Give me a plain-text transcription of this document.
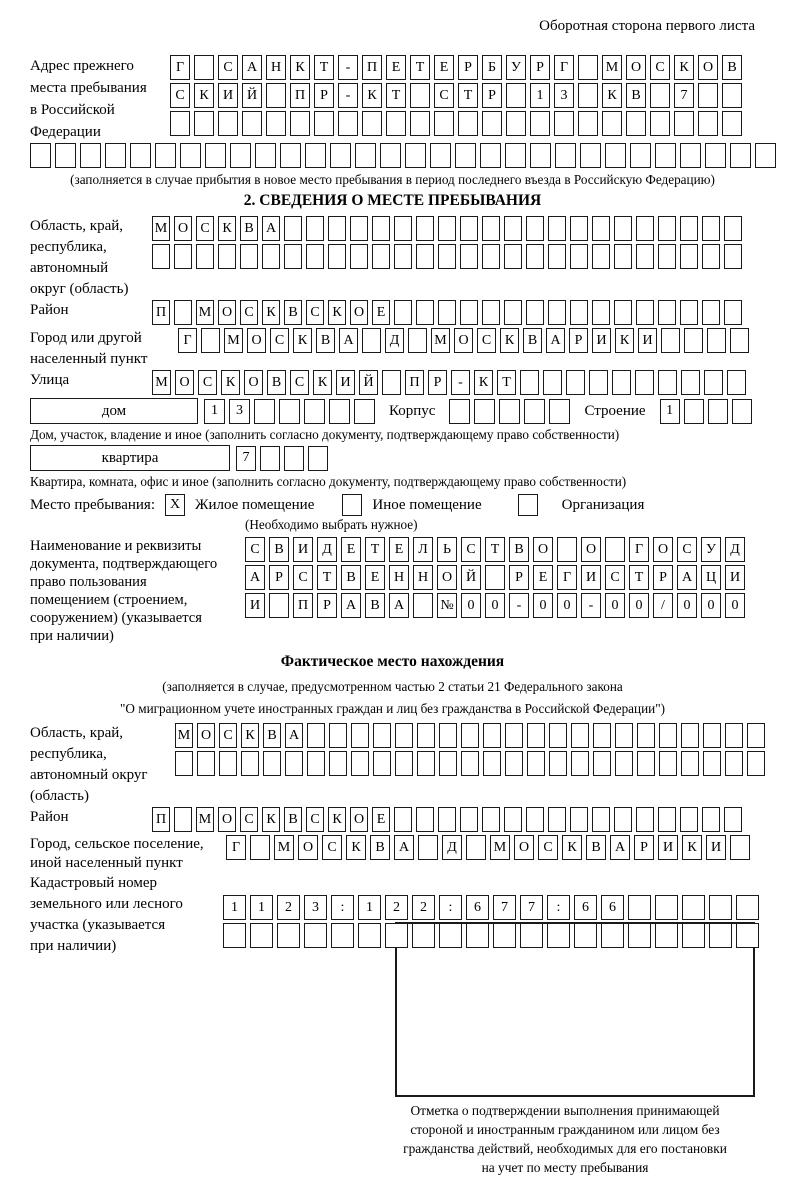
Оборотная сторона первого листа
Адрес прежнего
места пребывания
в Российской
Федерации
Г	С	А Н	К	Т	-	П	Е	Т	Е	Р	Б	У	Р	Г	М О	С	К	О	В
С	К	И Й	П	Р	-	К	Т	С	Т	Р	1	3	К	В	7
(заполняется в случае прибытия в новое место пребывания в период последнего въезда в Российскую Федерацию)
2. СВЕДЕНИЯ О МЕСТЕ ПРЕБЫВАНИЯ
Область, край,
республика,
автономный
округ (область)
М О С К В А
Район	П М О С К В С К О Е
Город или другой
населенный пункт
Г	М О С К В А	Д	М О С К В А	Р	И К И
Улица	М О С К О В С К И Й	П	Р	-	К	Т
дом	1	3	Корпус	Строение	1
Дом, участок, владение и иное (заполнить согласно документу, подтверждающему право собственности)
квартира	7
Квартира, комната, офис и иное (заполнить согласно документу, подтверждающему право собственности)
Место пребывания:	X Жилое помещение	Иное помещение	Организация
(Необходимо выбрать нужное)
Наименование и реквизиты
документа, подтверждающего
право пользования
помещением (строением,
сооружением) (указывается
при наличии)
С	В	И	Д	Е	Т	Е	Л	Ь	С	Т	В	О	О	Г	О	С	У	Д
А	Р	С	Т	В	Е	Н Н О Й	Р	Е	Г	И	С	Т	Р	А Ц И
И	П	Р	А	В	А	№ 0	0	-	0	0	-	0	0	/	0	0	0
Фактическое место нахождения
(заполняется в случае, предусмотренном частью 2 статьи 21 Федерального закона
"О миграционном учете иностранных граждан и лиц без гражданства в Российской Федерации")
Область, край,
республика,
автономный округ
(область)
М О С К В А
Район	П М О С К В С К О Е
Город, сельское поселение,
иной населенный пункт
Г	М О	С	К	В	А	Д	М О	С	К	В	А	Р	И	К	И
Кадастровый номер
земельного или лесного
участка (указывается
при наличии)
1	1	2	3	:	1	2	2	:	6	7	7	:	6	6
Отметка о подтверждении выполнения принимающей
стороной и иностранным гражданином или лицом без
гражданства действий, необходимых для его постановки
на учет по месту пребывания
